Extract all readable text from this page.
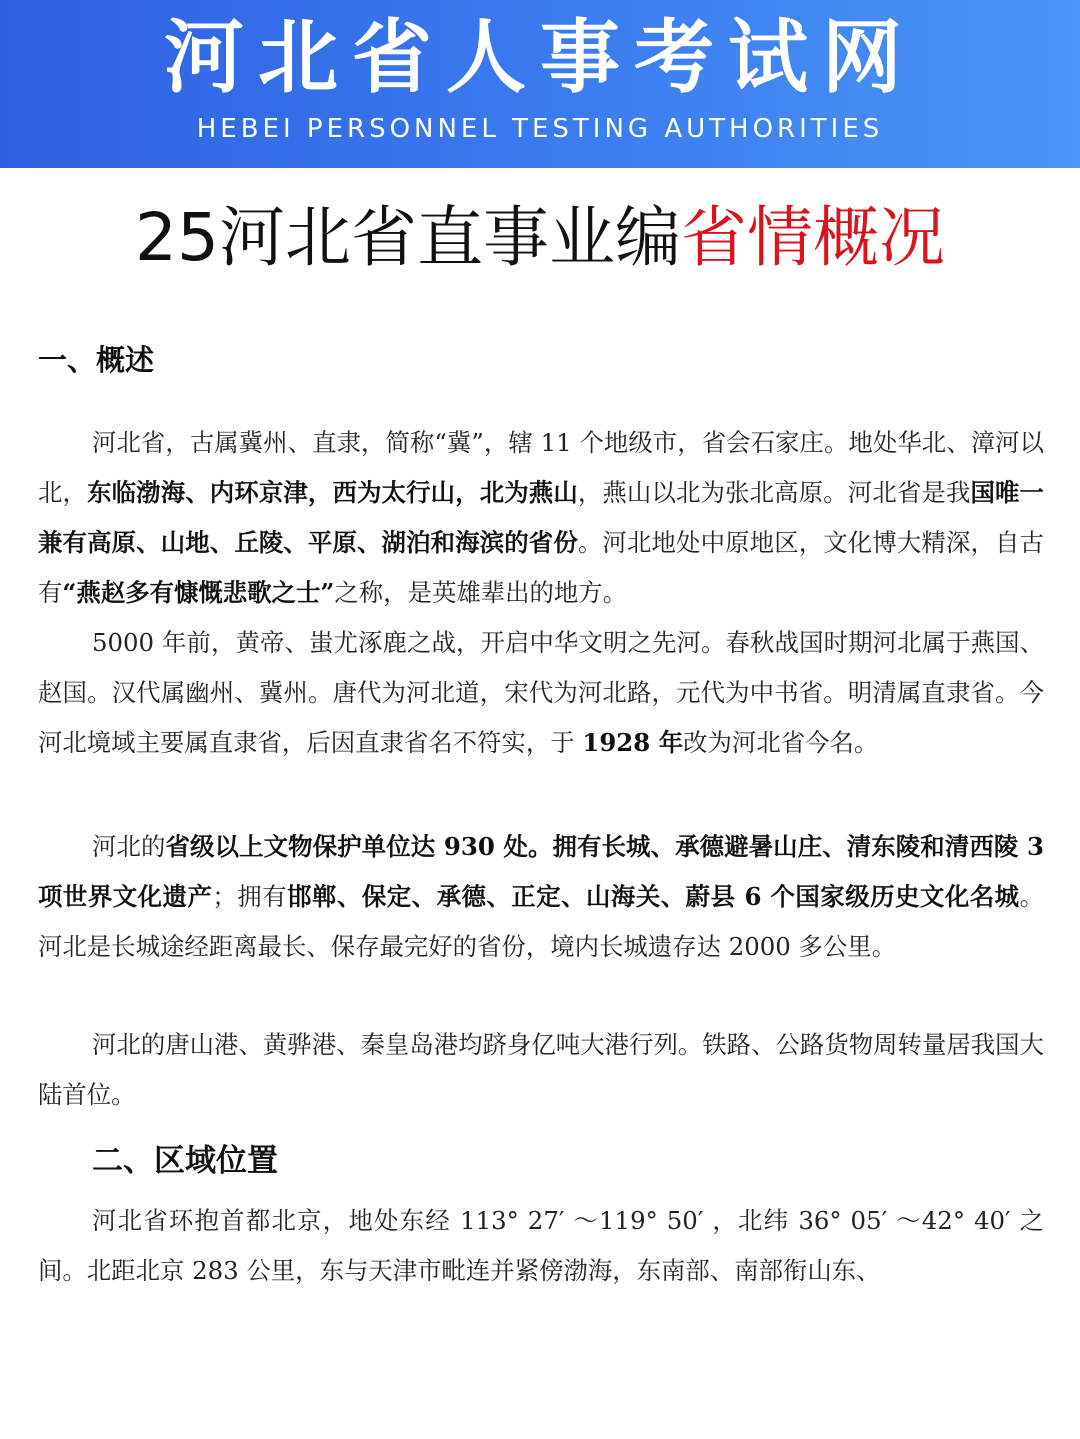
河北省人事考试网
HEBEI PERSONNEL TESTING AUTHORITIES
25河北省直事业编省情概况
一、概述

河北省，古属冀州、直隶，简称“冀”，辖 11 个地级市，省会石家庄。地处华北、漳河以北，东临渤海、内环京津，西为太行山，北为燕山，燕山以北为张北高原。河北省是我国唯一兼有高原、山地、丘陵、平原、湖泊和海滨的省份。河北地处中原地区，文化博大精深，自古有“燕赵多有慷慨悲歌之士”之称，是英雄辈出的地方。

5000 年前，黄帝、蚩尤涿鹿之战，开启中华文明之先河。春秋战国时期河北属于燕国、赵国。汉代属幽州、冀州。唐代为河北道，宋代为河北路，元代为中书省。明清属直隶省。今河北境域主要属直隶省，后因直隶省名不符实，于 1928 年改为河北省今名。

河北的省级以上文物保护单位达 930 处。拥有长城、承德避暑山庄、清东陵和清西陵 3 项世界文化遗产；拥有邯郸、保定、承德、正定、山海关、蔚县 6 个国家级历史文化名城。河北是长城途经距离最长、保存最完好的省份，境内长城遗存达 2000 多公里。

河北的唐山港、黄骅港、秦皇岛港均跻身亿吨大港行列。铁路、公路货物周转量居我国大陆首位。

二、区域位置

河北省环抱首都北京，地处东经 113° 27′ ～119° 50′ ，北纬 36° 05′ ～42° 40′ 之间。北距北京 283 公里，东与天津市毗连并紧傍渤海，东南部、南部衔山东、
